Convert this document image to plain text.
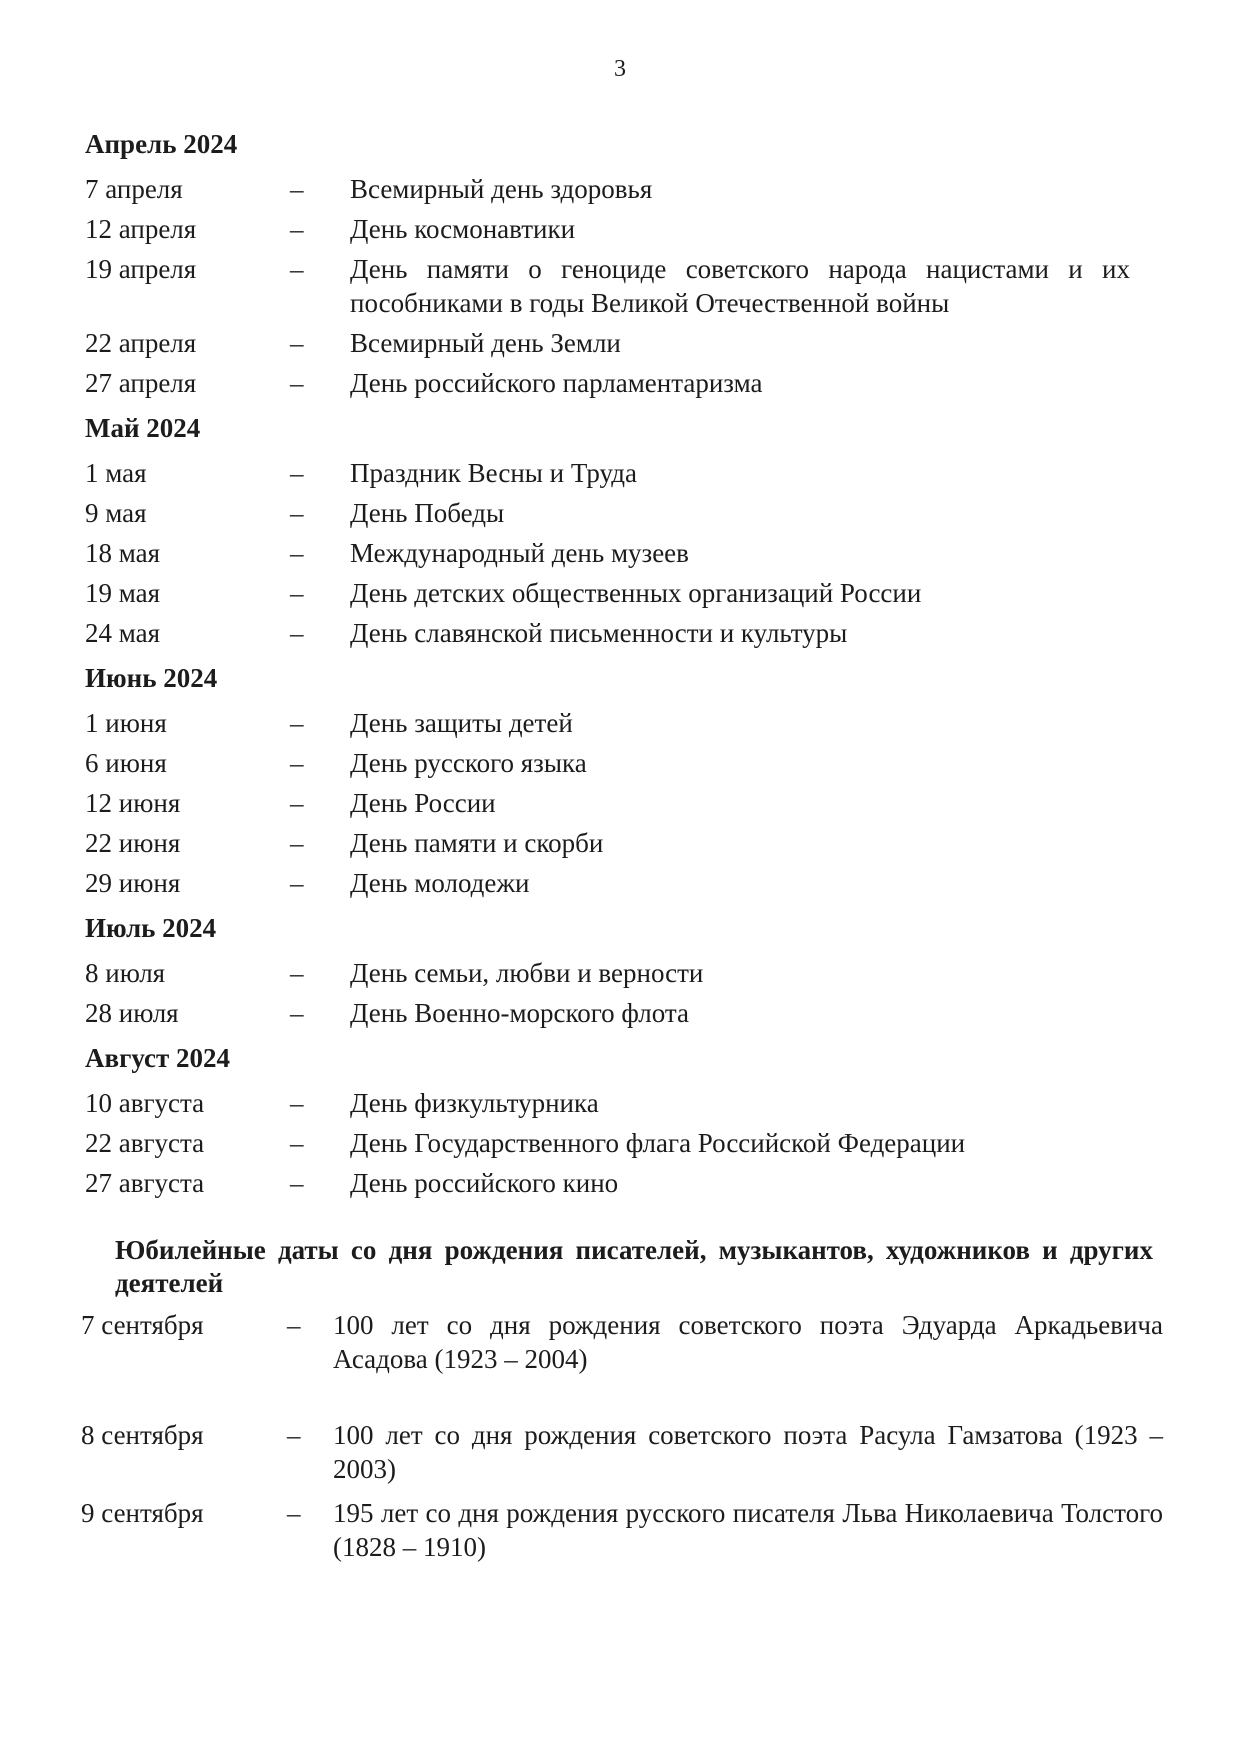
3
Апрель 2024
7 апреля	–	Всемирный день здоровья
12 апреля	–	День космонавтики
19 апреля	–	День памяти о геноциде советского народа нацистами и их пособниками в годы Великой Отечественной войны
22 апреля	–	Всемирный день Земли
27 апреля	–	День российского парламентаризма
Май 2024
1 мая	–	Праздник Весны и Труда
9 мая	–	День Победы
18 мая	–	Международный день музеев
19 мая	–	День детских общественных организаций России
24 мая	–	День славянской письменности и культуры
Июнь 2024
1 июня	–	День защиты детей
6 июня	–	День русского языка
12 июня	–	День России
22 июня	–	День памяти и скорби
29 июня	–	День молодежи
Июль 2024
8 июля	–	День семьи, любви и верности
28 июля	–	День Военно-морского флота
Август 2024
10 августа	–	День физкультурника
22 августа	–	День Государственного флага Российской Федерации
27 августа	–	День российского кино
Юбилейные даты со дня рождения писателей, музыкантов, художников и других деятелей
7 сентября	–	100 лет со дня рождения советского поэта Эдуарда Аркадьевича Асадова (1923 – 2004)
8 сентября	–	100 лет со дня рождения советского поэта Расула Гамзатова (1923 – 2003)
9 сентября	–	195 лет со дня рождения русского писателя Льва Николаевича Толстого (1828 – 1910)
